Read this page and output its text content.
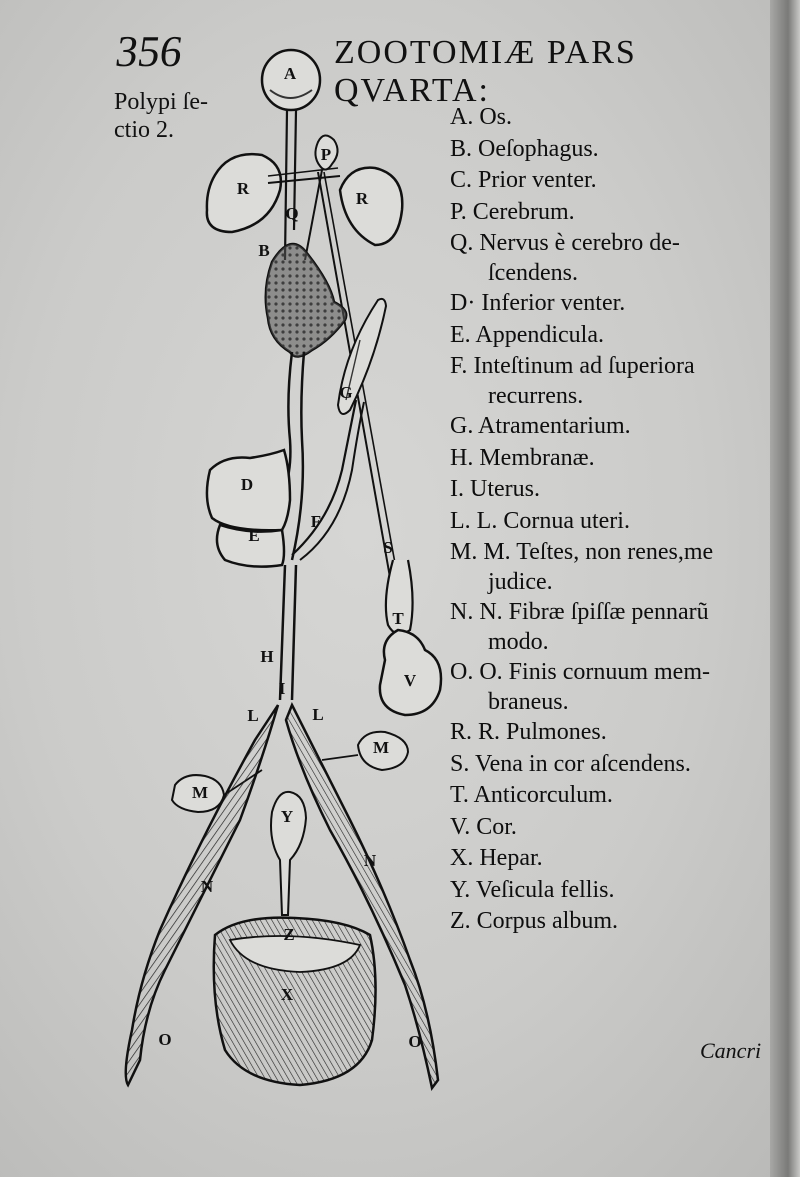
356	ZOOTOMIÆ PARS QVARTA:
Polypi ſe-
ctio 2.
A
P
R
R
Q
B
G
D
E
F
S
T
V
H
I
L	L
M
M
Y
N
N
Z
X
O	O
A. Os.
B. Oeſophagus.
C. Prior venter.
P. Cerebrum.
Q. Nervus è cerebro de-
ſcendens.
D· Inferior venter.
E. Appendicula.
F. Inteſtinum ad ſuperiora
recurrens.
G. Atramentarium.
H. Membranæ.
I. Uterus.
L. L. Cornua uteri.
M. M. Teſtes, non renes,me
judice.
N. N. Fibræ ſpiſſæ pennarũ
modo.
O. O. Finis cornuum mem-
braneus.
R. R. Pulmones.
S. Vena in cor aſcendens.
T. Anticorculum.
V. Cor.
X. Hepar.
Y. Veſicula fellis.
Z. Corpus album.
Cancri
